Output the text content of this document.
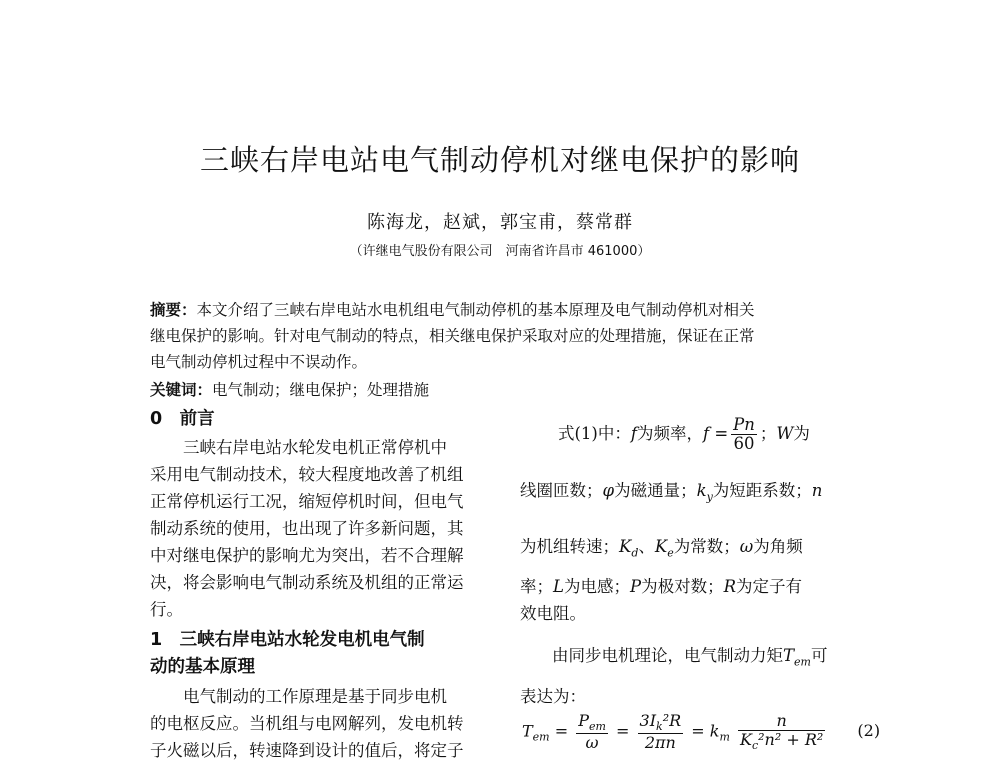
三峡右岸电站电气制动停机对继电保护的影响
陈海龙，赵斌，郭宝甫，蔡常群
（许继电气股份有限公司　河南省许昌市 461000）
摘要：本文介绍了三峡右岸电站水电机组电气制动停机的基本原理及电气制动停机对相关
继电保护的影响。针对电气制动的特点，相关继电保护采取对应的处理措施，保证在正常
电气制动停机过程中不误动作。
关键词：电气制动；继电保护；处理措施
0　前言
三峡右岸电站水轮发电机正常停机中
采用电气制动技术，较大程度地改善了机组
正常停机运行工况，缩短停机时间，但电气
制动系统的使用，也出现了许多新问题，其
中对继电保护的影响尤为突出，若不合理解
决，将会影响电气制动系统及机组的正常运
行。
1　三峡右岸电站水轮发电机电气制
动的基本原理
电气制动的工作原理是基于同步电机
的电枢反应。当机组与电网解列，发电机转
子火磁以后，转速降到设计的值后，将定子
式(1)中：f为频率，$f = \frac{Pn}{60}$ ；W为
线圈匝数；φ为磁通量；$k_y$为短距系数；n
为机组转速；$K_d$、$K_e$为常数；ω为角频
率；L为电感；P为极对数；R为定子有
效电阻。
由同步电机理论，电气制动力矩$T_{em}$可
表达为：
$T_{em} = \frac{P_{em}}{\omega} = \frac{3I_k^2R}{2\pi n} = k_m \frac{n}{K_c^2n^2 + R^2} (2)$
